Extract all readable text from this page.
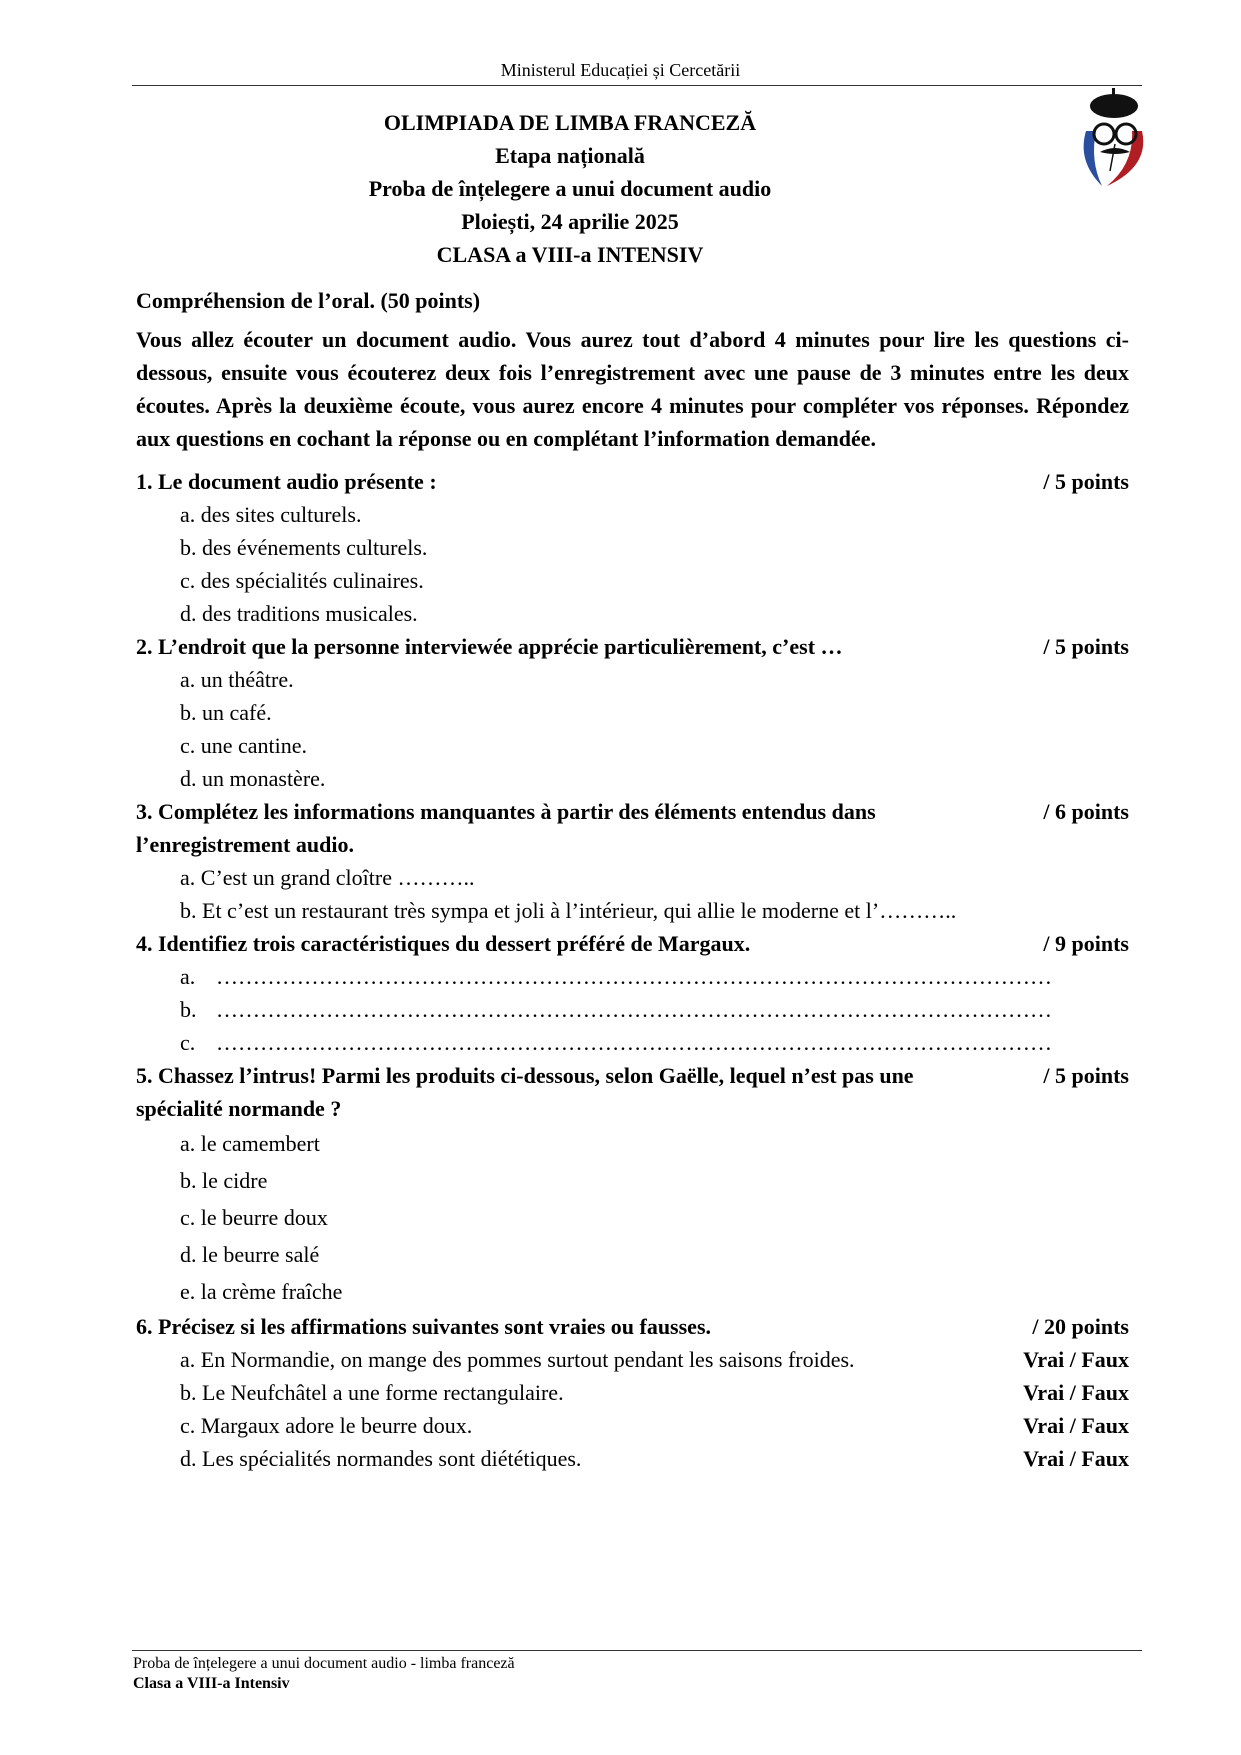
Ministerul Educației și Cercetării
OLIMPIADA DE LIMBA FRANCEZĂ
Etapa națională
Proba de înțelegere a unui document audio
Ploiești, 24 aprilie 2025
CLASA a VIII-a INTENSIV
Compréhension de l’oral. (50 points)
Vous allez écouter un document audio. Vous aurez tout d’abord 4 minutes pour lire les questions ci-dessous, ensuite vous écouterez deux fois l’enregistrement avec une pause de 3 minutes entre les deux écoutes. Après la deuxième écoute, vous aurez encore 4 minutes pour compléter vos réponses. Répondez aux questions en cochant la réponse ou en complétant l’information demandée.
1. Le document audio présente :	/ 5 points
a. des sites culturels.
b. des événements culturels.
c. des spécialités culinaires.
d. des traditions musicales.
2. L’endroit que la personne interviewée apprécie particulièrement, c’est …	/ 5 points
a. un théâtre.
b. un café.
c. une cantine.
d. un monastère.
3. Complétez les informations manquantes à partir des éléments entendus dans l’enregistrement audio.
/ 6 points
a. C’est un grand cloître ………..
b. Et c’est un restaurant très sympa et joli à l’intérieur, qui allie le moderne et l’………..
4. Identifiez trois caractéristiques du dessert préféré de Margaux.	/ 9 points
a. ……………………………………………………………………………………………………
b. ……………………………………………………………………………………………………
c. ……………………………………………………………………………………………………
5. Chassez l’intrus! Parmi les produits ci-dessous, selon Gaëlle, lequel n’est pas une spécialité normande ?
/ 5 points
a. le camembert
b. le cidre
c. le beurre doux
d. le beurre salé
e. la crème fraîche
6. Précisez si les affirmations suivantes sont vraies ou fausses.	/ 20 points
a. En Normandie, on mange des pommes surtout pendant les saisons froides.	Vrai / Faux
b. Le Neufchâtel a une forme rectangulaire.	Vrai / Faux
c. Margaux adore le beurre doux.	Vrai / Faux
d. Les spécialités normandes sont diététiques.	Vrai / Faux
Proba de înțelegere a unui document audio - limba franceză
Clasa a VIII-a Intensiv
